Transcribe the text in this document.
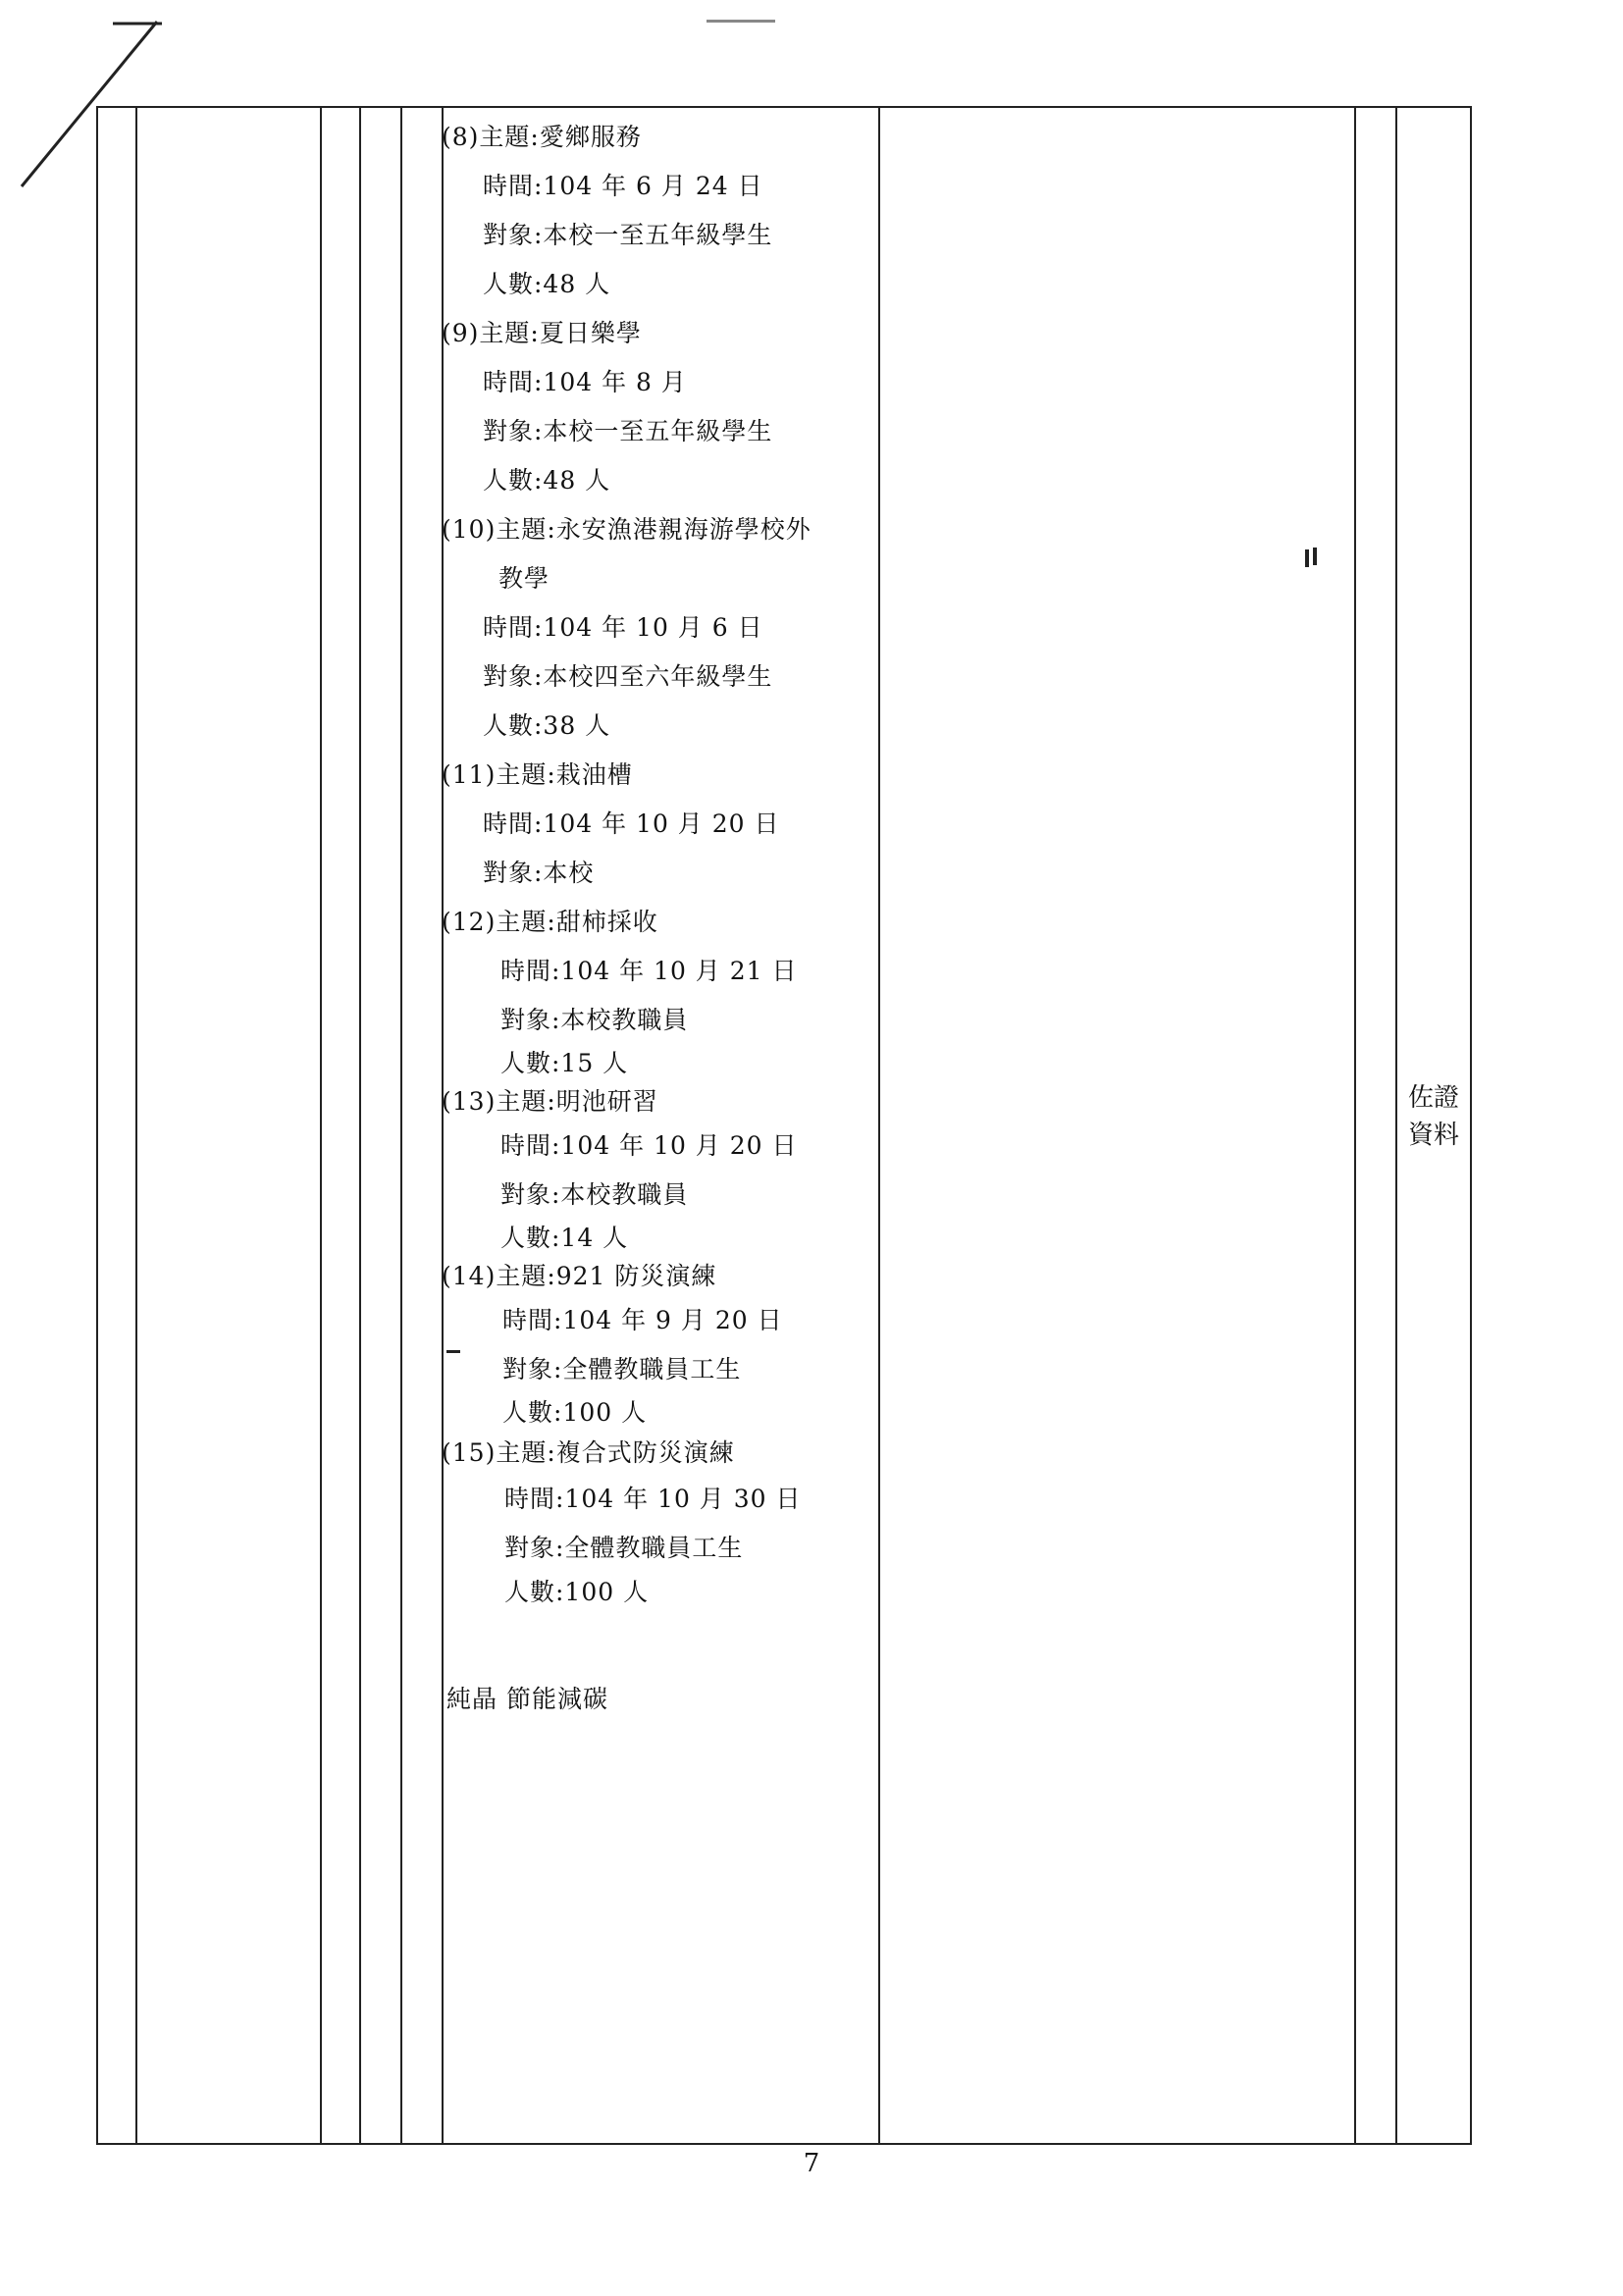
(8)主題:愛鄉服務
時間:104 年 6 月 24 日
對象:本校一至五年級學生
人數:48 人
(9)主題:夏日樂學
時間:104 年 8 月
對象:本校一至五年級學生
人數:48 人
(10)主題:永安漁港親海游學校外
教學
時間:104 年 10 月 6 日
對象:本校四至六年級學生
人數:38 人
(11)主題:栽油槽
時間:104 年 10 月 20 日
對象:本校
(12)主題:甜柿採收
時間:104 年 10 月 21 日
對象:本校教職員
人數:15 人
(13)主題:明池研習
時間:104 年 10 月 20 日
對象:本校教職員
人數:14 人
(14)主題:921 防災演練
時間:104 年 9 月 20 日
對象:全體教職員工生
人數:100 人
(15)主題:複合式防災演練
時間:104 年 10 月 30 日
對象:全體教職員工生
人數:100 人
純晶 節能減碳
佐證資料
7
